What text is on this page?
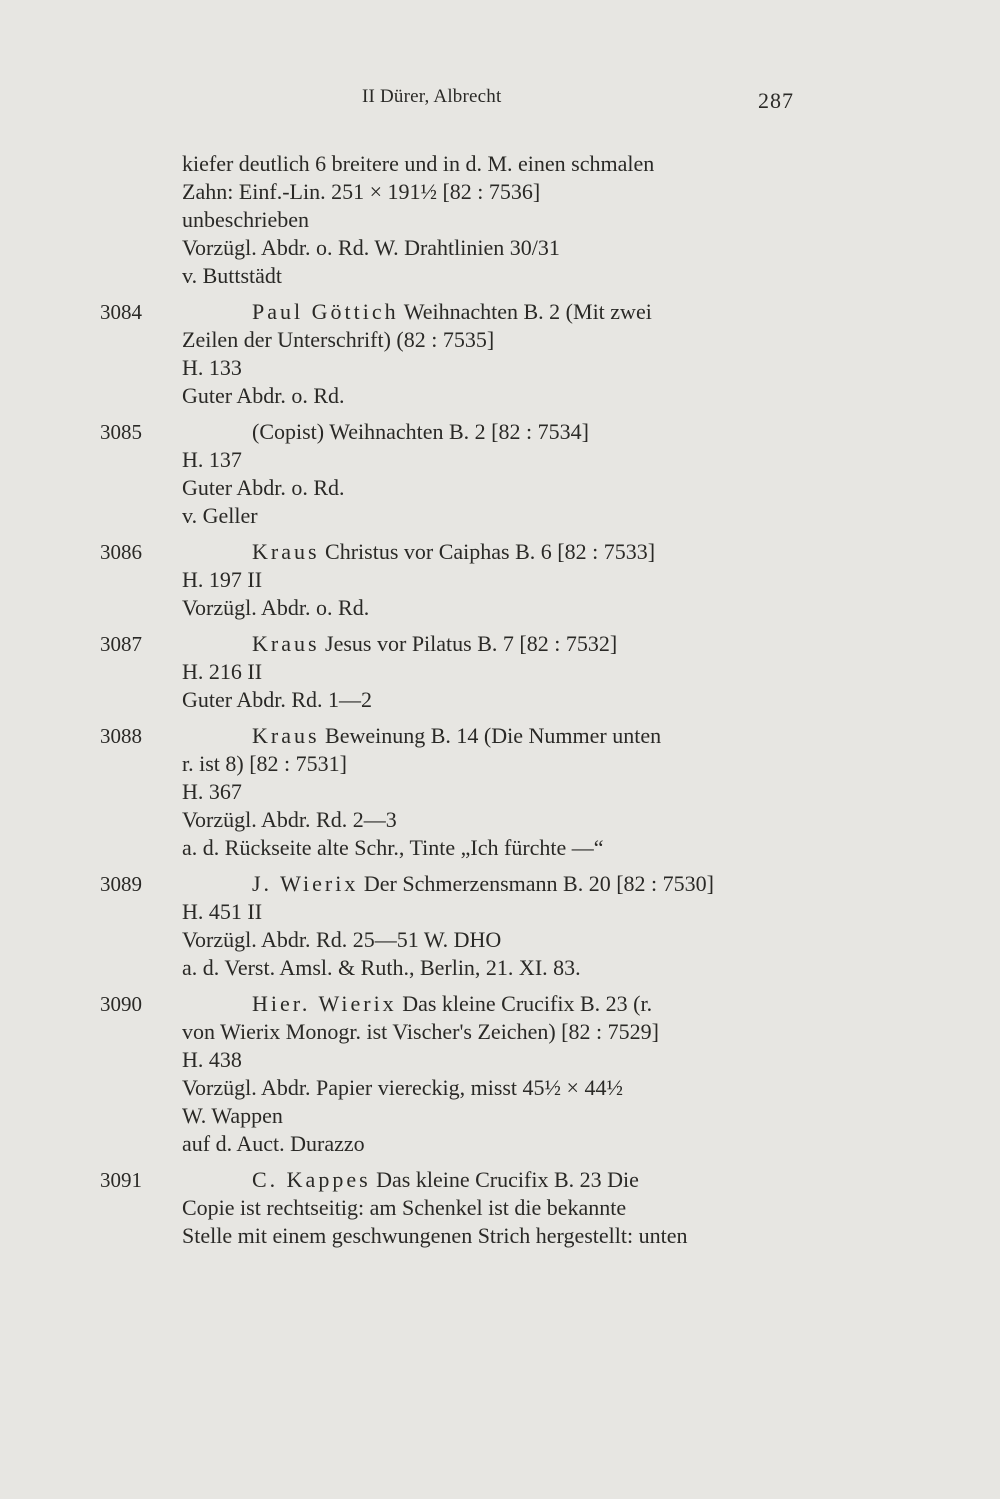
II Dürer, Albrecht	287
kiefer deutlich 6 breitere und in d. M. einen schmalen
Zahn: Einf.-Lin. 251 × 191½ [82 : 7536]
unbeschrieben
Vorzügl. Abdr. o. Rd. W. Drahtlinien 30/31
v. Buttstädt
3084	Paul Göttich Weihnachten B. 2 (Mit zwei
Zeilen der Unterschrift) (82 : 7535]
H. 133
Guter Abdr. o. Rd.
3085	(Copist) Weihnachten B. 2 [82 : 7534]
H. 137
Guter Abdr. o. Rd.
v. Geller
3086	Kraus Christus vor Caiphas B. 6 [82 : 7533]
H. 197 II
Vorzügl. Abdr. o. Rd.
3087	Kraus Jesus vor Pilatus B. 7 [82 : 7532]
H. 216 II
Guter Abdr. Rd. 1—2
3088	Kraus Beweinung B. 14 (Die Nummer unten
r. ist 8) [82 : 7531]
H. 367
Vorzügl. Abdr. Rd. 2—3
a. d. Rückseite alte Schr., Tinte „Ich fürchte —“
3089	J. Wierix Der Schmerzensmann B. 20 [82 : 7530]
H. 451 II
Vorzügl. Abdr. Rd. 25—51 W. DHO
a. d. Verst. Amsl. & Ruth., Berlin, 21. XI. 83.
3090	Hier. Wierix Das kleine Crucifix B. 23 (r.
von Wierix Monogr. ist Vischer's Zeichen) [82 : 7529]
H. 438
Vorzügl. Abdr. Papier viereckig, misst 45½ × 44½
W. Wappen
auf d. Auct. Durazzo
3091	C. Kappes Das kleine Crucifix B. 23 Die
Copie ist rechtseitig: am Schenkel ist die bekannte
Stelle mit einem geschwungenen Strich hergestellt: unten
